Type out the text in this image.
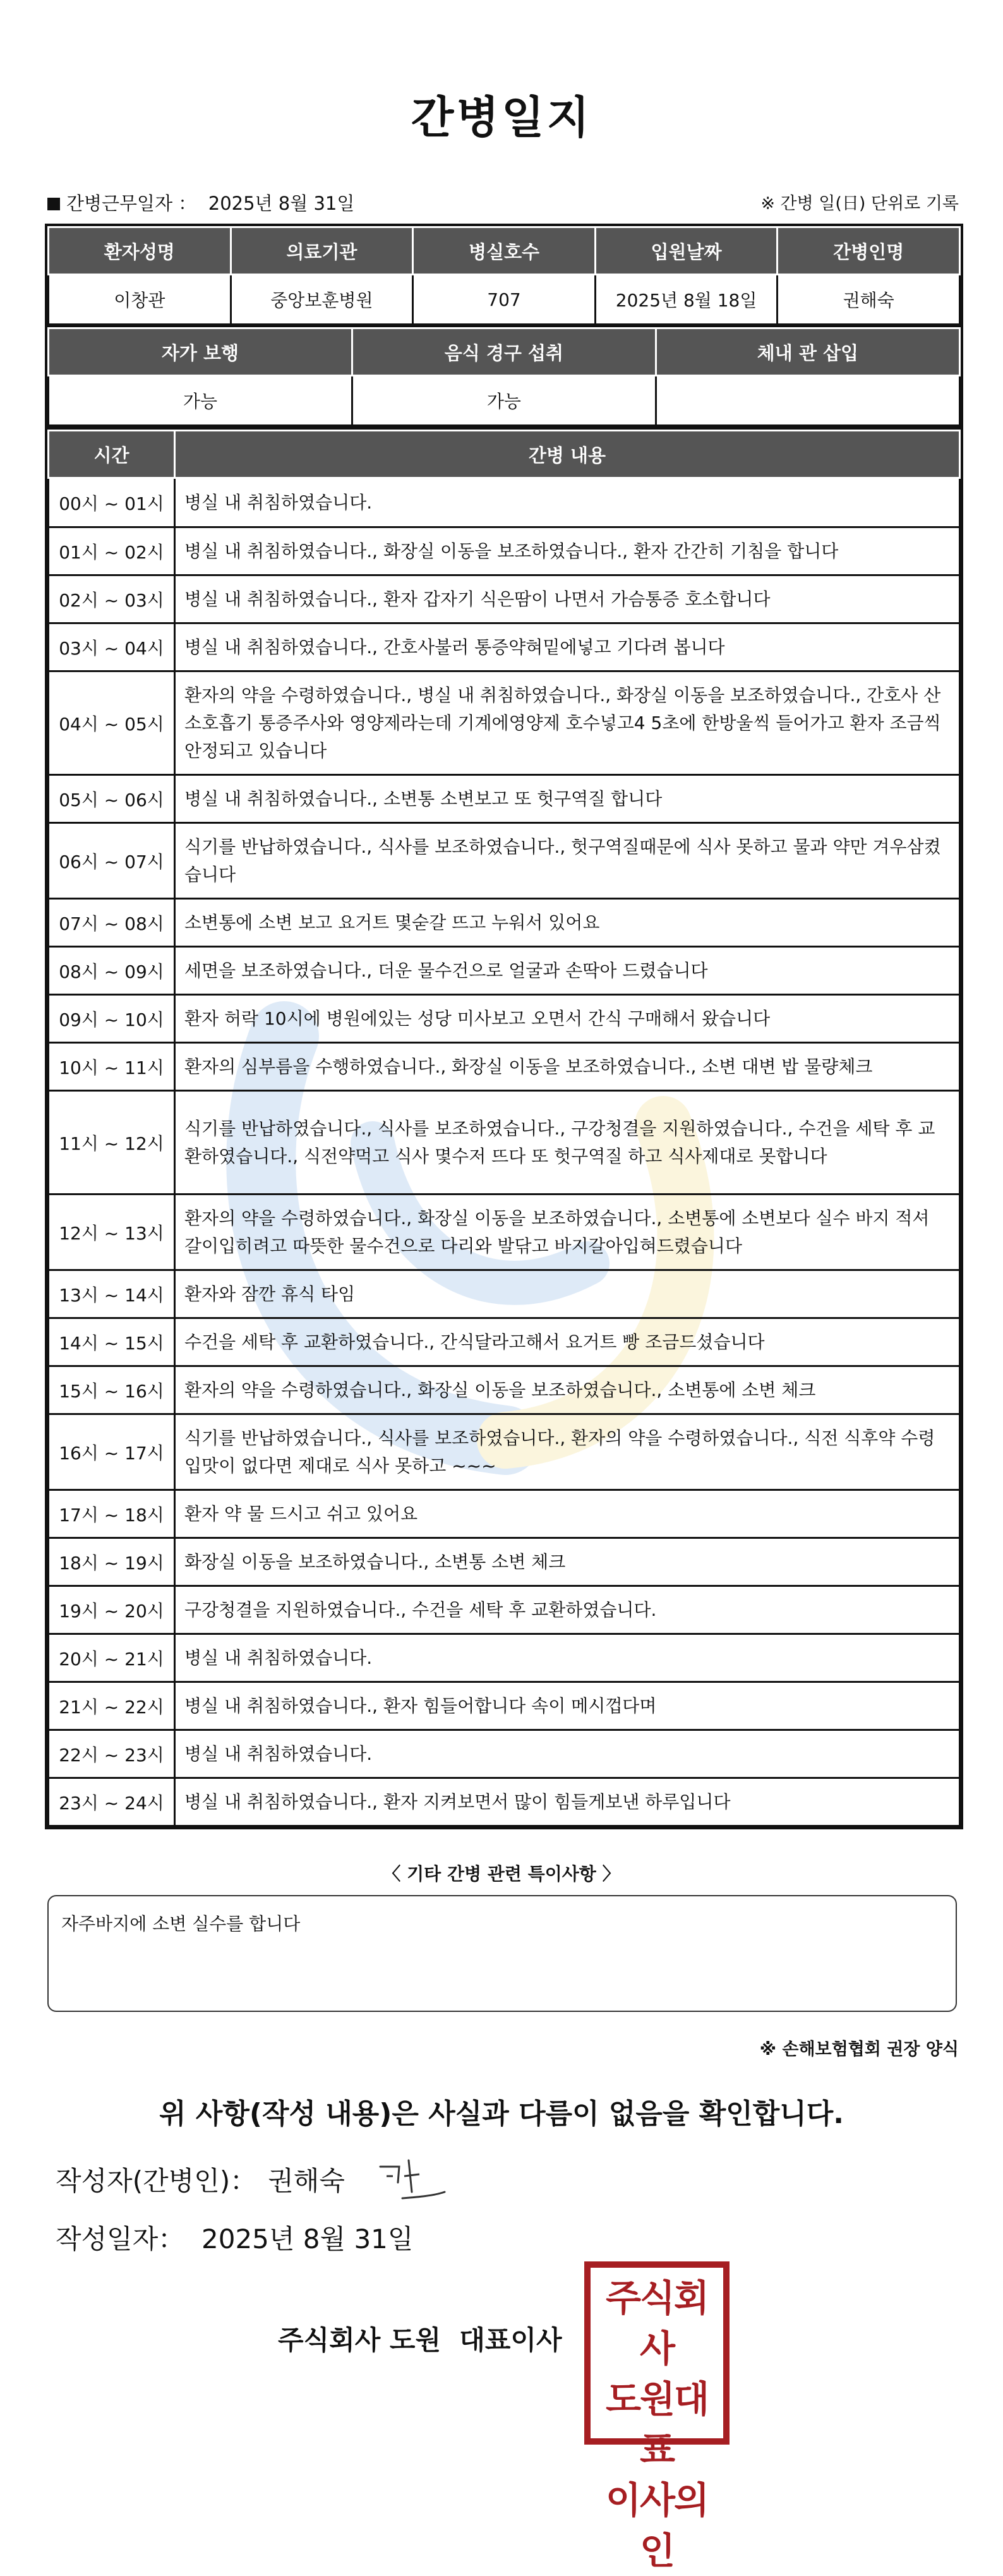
간병일지
간병근무일자 ： 2025년 8월 31일	※ 간병 일(日) 단위로 기록
환자성명	의료기관	병실호수	입원날짜	간병인명
이창관	중앙보훈병원	707	2025년 8월 18일	권해숙
자가 보행	음식 경구 섭취	체내 관 삽입
가능	가능	
시간	간병 내용
00시 ~ 01시	병실 내 취침하였습니다.
01시 ~ 02시	병실 내 취침하였습니다., 화장실 이동을 보조하였습니다., 환자 간간히 기침을 합니다
02시 ~ 03시	병실 내 취침하였습니다., 환자 갑자기 식은땀이 나면서 가슴통증 호소합니다
03시 ~ 04시	병실 내 취침하였습니다., 간호사불러 통증약혀밑에넣고 기다려 봅니다
04시 ~ 05시	환자의 약을 수령하였습니다., 병실 내 취침하였습니다., 화장실 이동을 보조하였습니다., 간호사 산소호흡기 통증주사와 영양제라는데 기계에영양제 호수넣고4 5초에 한방울씩 들어가고 환자 조금씩안정되고 있습니다
05시 ~ 06시	병실 내 취침하였습니다., 소변통 소변보고 또 헛구역질 합니다
06시 ~ 07시	식기를 반납하였습니다., 식사를 보조하였습니다., 헛구역질때문에 식사 못하고 물과 약만 겨우삼켰습니다
07시 ~ 08시	소변통에 소변 보고 요거트 몇숟갈 뜨고 누워서 있어요
08시 ~ 09시	세면을 보조하였습니다., 더운 물수건으로 얼굴과 손딱아 드렸습니다
09시 ~ 10시	환자 허락 10시에 병원에있는 성당 미사보고 오면서 간식 구매해서 왔습니다
10시 ~ 11시	환자의 심부름을 수행하였습니다., 화장실 이동을 보조하였습니다., 소변 대변 밥 물량체크
11시 ~ 12시	식기를 반납하였습니다., 식사를 보조하였습니다., 구강청결을 지원하였습니다., 수건을 세탁 후 교환하였습니다., 식전약먹고 식사 몇수저 뜨다 또 헛구역질 하고 식사제대로 못합니다
12시 ~ 13시	환자의 약을 수령하였습니다., 화장실 이동을 보조하였습니다., 소변통에 소변보다 실수 바지 적셔 갈이입히려고 따뜻한 물수건으로 다리와 발닦고 바지갈아입혀드렸습니다
13시 ~ 14시	환자와 잠깐 휴식 타임
14시 ~ 15시	수건을 세탁 후 교환하였습니다., 간식달라고해서 요거트 빵 조금드셨습니다
15시 ~ 16시	환자의 약을 수령하였습니다., 화장실 이동을 보조하였습니다., 소변통에 소변 체크
16시 ~ 17시	식기를 반납하였습니다., 식사를 보조하였습니다., 환자의 약을 수령하였습니다., 식전 식후약 수령 입맛이 없다면 제대로 식사 못하고 ~~~
17시 ~ 18시	환자 약 물 드시고 쉬고 있어요
18시 ~ 19시	화장실 이동을 보조하였습니다., 소변통 소변 체크
19시 ~ 20시	구강청결을 지원하였습니다., 수건을 세탁 후 교환하였습니다.
20시 ~ 21시	병실 내 취침하였습니다.
21시 ~ 22시	병실 내 취침하였습니다., 환자 힘들어합니다 속이 메시껍다며
22시 ~ 23시	병실 내 취침하였습니다.
23시 ~ 24시	병실 내 취침하였습니다., 환자 지켜보면서 많이 힘들게보낸 하루입니다
〈 기타 간병 관련 특이사항 〉
자주바지에 소변 실수를 합니다
※ 손해보험협회 권장 양식
위 사항(작성 내용)은 사실과 다름이 없음을 확인합니다.
작성자(간병인)： 권해숙
작성일자： 2025년 8월 31일
주식회사 도원  대표이사
주식회사
도원대표
이사의인
